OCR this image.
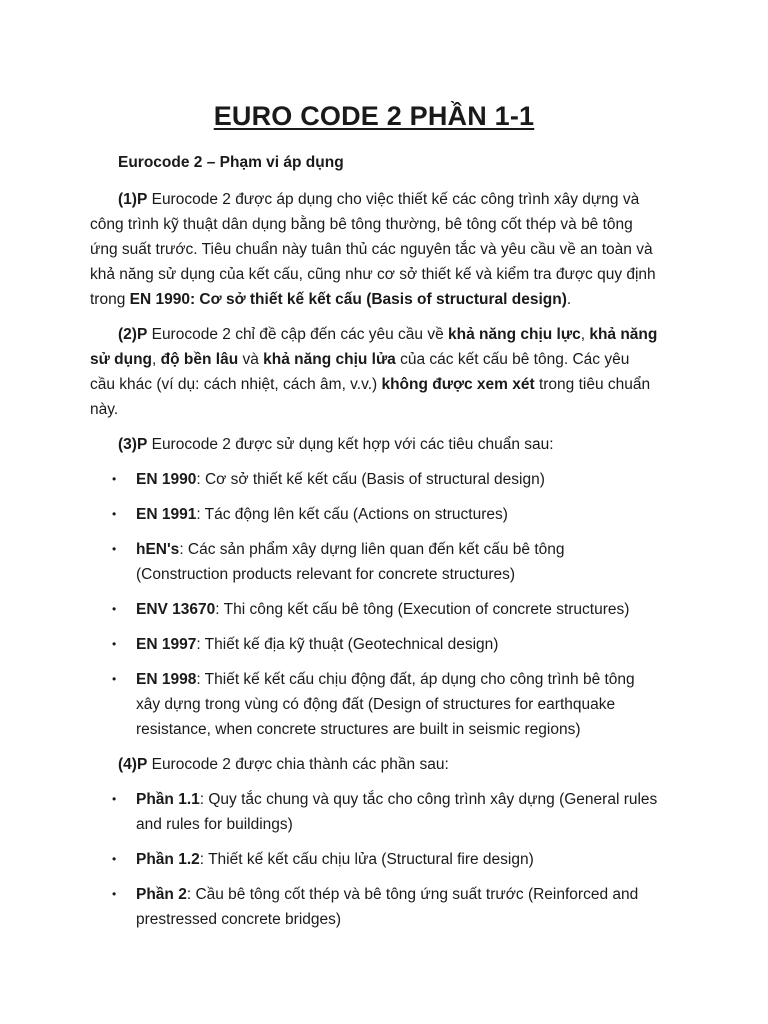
EURO CODE 2 PHẦN 1-1

Eurocode 2 – Phạm vi áp dụng

(1)P Eurocode 2 được áp dụng cho việc thiết kế các công trình xây dựng và công trình kỹ thuật dân dụng bằng bê tông thường, bê tông cốt thép và bê tông ứng suất trước. Tiêu chuẩn này tuân thủ các nguyên tắc và yêu cầu về an toàn và khả năng sử dụng của kết cấu, cũng như cơ sở thiết kế và kiểm tra được quy định trong EN 1990: Cơ sở thiết kế kết cấu (Basis of structural design).

(2)P Eurocode 2 chỉ đề cập đến các yêu cầu về khả năng chịu lực, khả năng sử dụng, độ bền lâu và khả năng chịu lửa của các kết cấu bê tông. Các yêu cầu khác (ví dụ: cách nhiệt, cách âm, v.v.) không được xem xét trong tiêu chuẩn này.

(3)P Eurocode 2 được sử dụng kết hợp với các tiêu chuẩn sau:

• EN 1990: Cơ sở thiết kế kết cấu (Basis of structural design)
• EN 1991: Tác động lên kết cấu (Actions on structures)
• hEN's: Các sản phẩm xây dựng liên quan đến kết cấu bê tông (Construction products relevant for concrete structures)
• ENV 13670: Thi công kết cấu bê tông (Execution of concrete structures)
• EN 1997: Thiết kế địa kỹ thuật (Geotechnical design)
• EN 1998: Thiết kế kết cấu chịu động đất, áp dụng cho công trình bê tông xây dựng trong vùng có động đất (Design of structures for earthquake resistance, when concrete structures are built in seismic regions)

(4)P Eurocode 2 được chia thành các phần sau:

• Phần 1.1: Quy tắc chung và quy tắc cho công trình xây dựng (General rules and rules for buildings)
• Phần 1.2: Thiết kế kết cấu chịu lửa (Structural fire design)
• Phần 2: Cầu bê tông cốt thép và bê tông ứng suất trước (Reinforced and prestressed concrete bridges)
